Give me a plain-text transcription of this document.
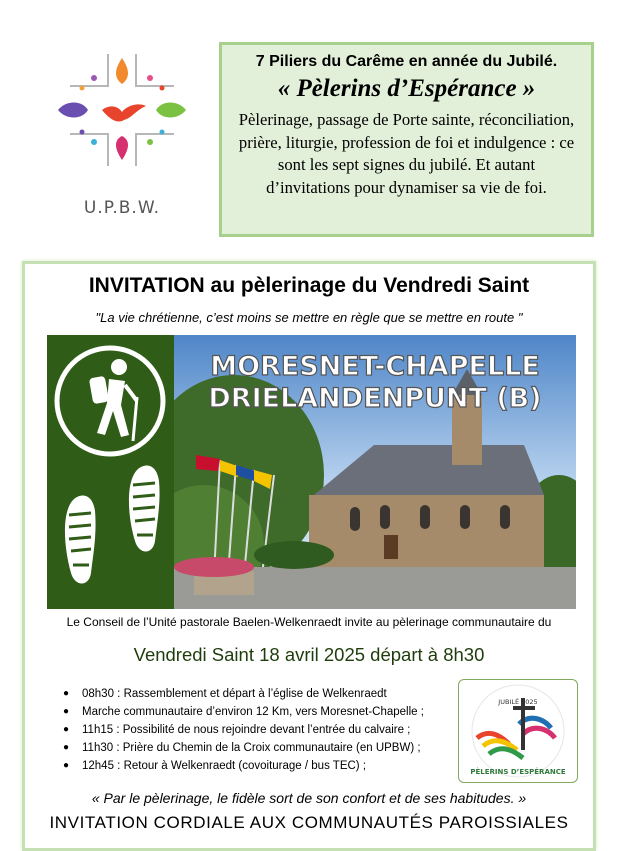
U.P.B.W.
7 Piliers du Carême en année du Jubilé.
« Pèlerins d’Espérance »
Pèlerinage, passage de Porte sainte, réconciliation, prière, liturgie, profession de foi et indulgence : ce sont les sept signes du jubilé. Et autant d’invitations pour dynamiser sa vie de foi.
INVITATION au pèlerinage du Vendredi Saint
"La vie chrétienne, c’est moins se mettre en règle que se mettre en route "
MORESNET-CHAPELLE
DRIELANDENPUNT (B)
Le Conseil de l’Unité pastorale Baelen-Welkenraedt invite au pèlerinage communautaire du
Vendredi Saint 18 avril 2025 départ à 8h30
● 08h30 : Rassemblement et départ à l’église de Welkenraedt
● Marche communautaire d’environ 12 Km, vers Moresnet-Chapelle ;
● 11h15 : Possibilité de nous rejoindre devant l’entrée du calvaire ;
● 11h30 : Prière du Chemin de la Croix communautaire (en UPBW) ;
● 12h45 : Retour à Welkenraedt (covoiturage / bus TEC) ;
JUBILÉ 2025
PÈLERINS D’ESPÉRANCE
« Par le pèlerinage, le fidèle sort de son confort et de ses habitudes. »
INVITATION CORDIALE AUX COMMUNAUTÉS PAROISSIALES
